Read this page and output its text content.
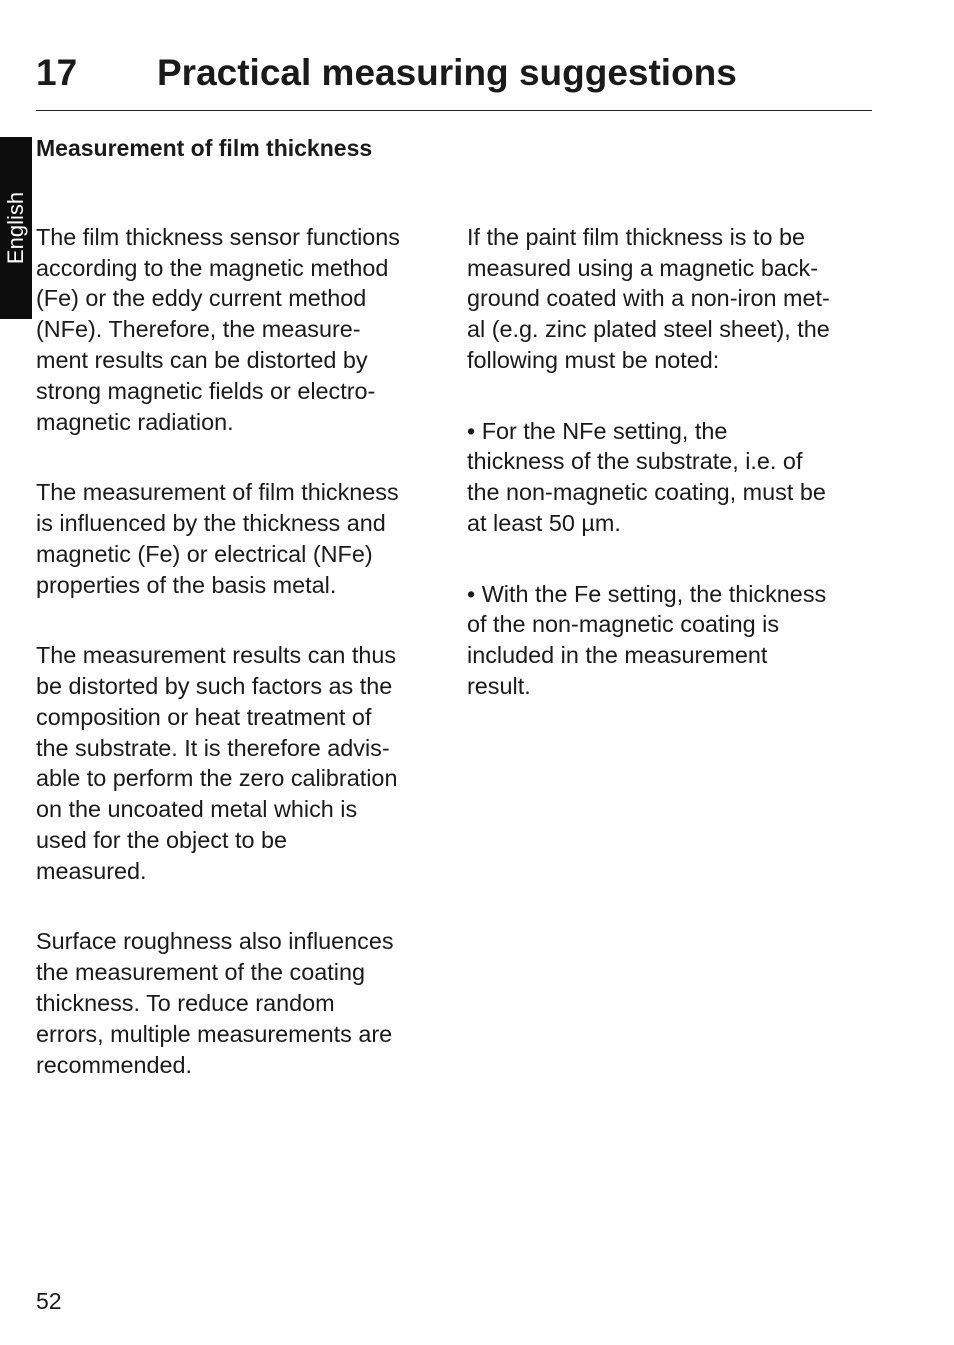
17 Practical measuring suggestions
English
Measurement of film thickness

The film thickness sensor functions
according to the magnetic method
(Fe) or the eddy current method
(NFe). Therefore, the measure-
ment results can be distorted by
strong magnetic fields or electro-
magnetic radiation.

The measurement of film thickness
is influenced by the thickness and
magnetic (Fe) or electrical (NFe)
properties of the basis metal.

The measurement results can thus
be distorted by such factors as the
composition or heat treatment of
the substrate. It is therefore advis-
able to perform the zero calibration
on the uncoated metal which is
used for the object to be
measured.

Surface roughness also influences
the measurement of the coating
thickness. To reduce random
errors, multiple measurements are
recommended.

If the paint film thickness is to be
measured using a magnetic back-
ground coated with a non-iron met-
al (e.g. zinc plated steel sheet), the
following must be noted:

• For the NFe setting, the
thickness of the substrate, i.e. of
the non-magnetic coating, must be
at least 50 µm.

• With the Fe setting, the thickness
of the non-magnetic coating is
included in the measurement
result.

52
